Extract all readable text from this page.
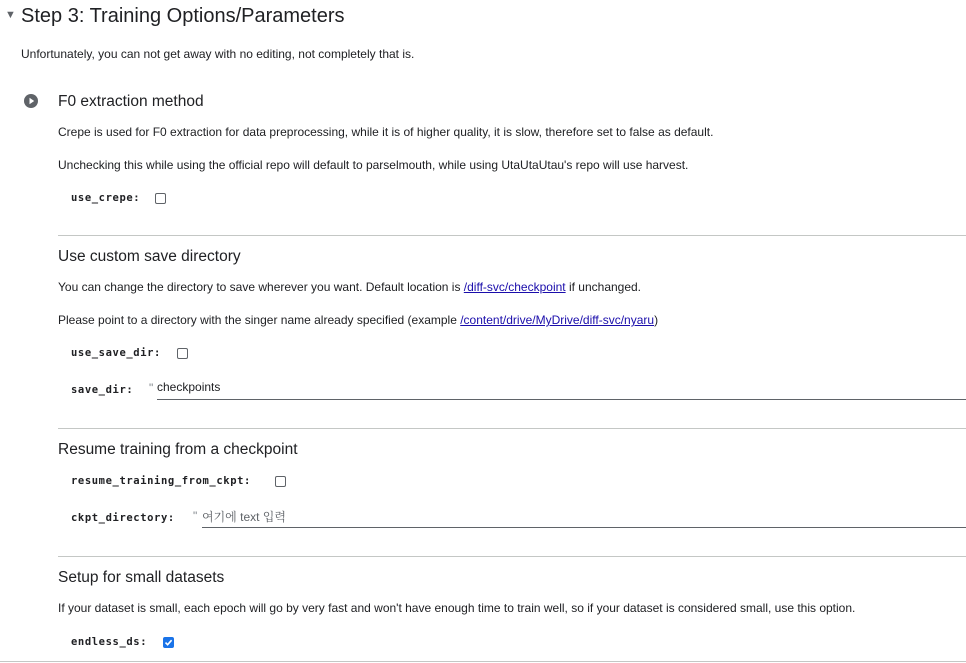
▼ Step 3: Training Options/Parameters
Unfortunately, you can not get away with no editing, not completely that is.
F0 extraction method
Crepe is used for F0 extraction for data preprocessing, while it is of higher quality, it is slow, therefore set to false as default.
Unchecking this while using the official repo will default to parselmouth, while using UtaUtaUtau's repo will use harvest.
use_crepe:
Use custom save directory
You can change the directory to save wherever you want. Default location is /diff-svc/checkpoint if unchanged.
Please point to a directory with the singer name already specified (example /content/drive/MyDrive/diff-svc/nyaru)
use_save_dir:
save_dir: " checkpoints
Resume training from a checkpoint
resume_training_from_ckpt:
ckpt_directory: " 여기에 text 입력
Setup for small datasets
If your dataset is small, each epoch will go by very fast and won't have enough time to train well, so if your dataset is considered small, use this option.
endless_ds:
